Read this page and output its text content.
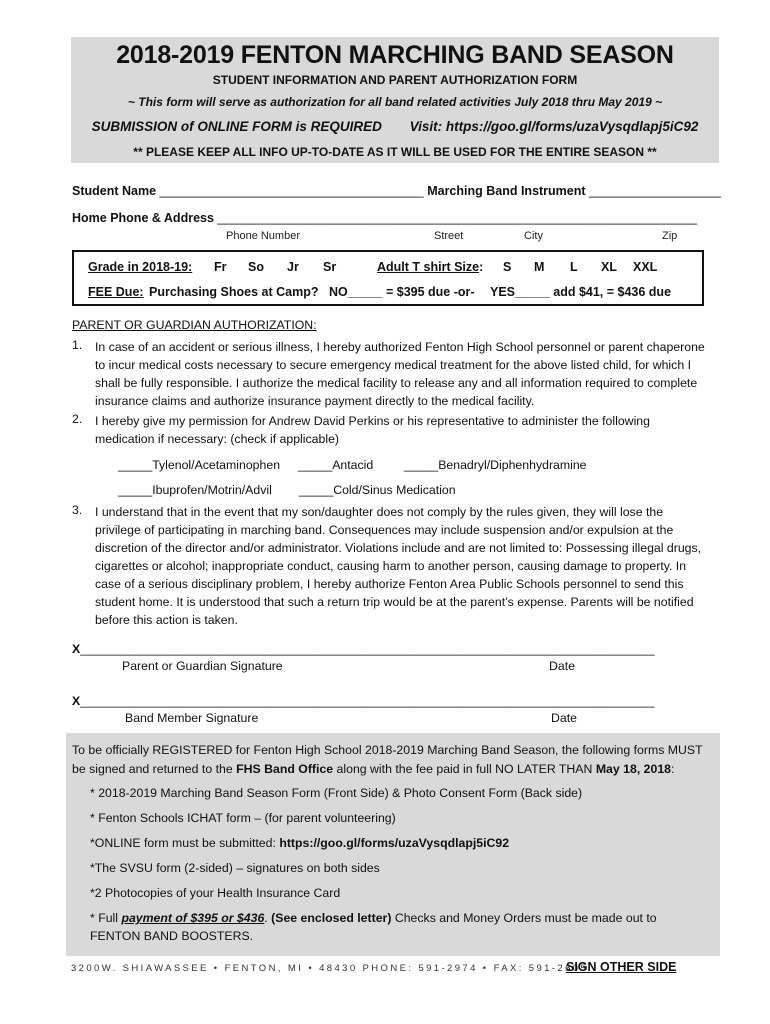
2018-2019 FENTON MARCHING BAND SEASON
STUDENT INFORMATION AND PARENT AUTHORIZATION FORM
~ This form will serve as authorization for all band related activities July 2018 thru May 2019 ~
SUBMISSION of ONLINE FORM is REQUIRED Visit: https://goo.gl/forms/uzaVysqdlapj5iC92
** PLEASE KEEP ALL INFO UP-TO-DATE AS IT WILL BE USED FOR THE ENTIRE SEASON **
Student Name ______________________________________ Marching Band Instrument ___________________
Home Phone & Address _____________________________________________________________________
Phone Number	Street	City	Zip
Grade in 2018-19: Fr So Jr Sr	Adult T shirt Size: S M L XL XXL
FEE Due: Purchasing Shoes at Camp? NO_____ = $395 due -or- YES_____ add $41, = $436 due
PARENT OR GUARDIAN AUTHORIZATION:
1. In case of an accident or serious illness, I hereby authorized Fenton High School personnel or parent chaperone to incur medical costs necessary to secure emergency medical treatment for the above listed child, for which I shall be fully responsible. I authorize the medical facility to release any and all information required to complete insurance claims and authorize insurance payment directly to the medical facility.
2. I hereby give my permission for Andrew David Perkins or his representative to administer the following medication if necessary: (check if applicable)
_____Tylenol/Acetaminophen _____Antacid	_____Benadryl/Diphenhydramine
_____Ibuprofen/Motrin/Advil _____Cold/Sinus Medication
3. I understand that in the event that my son/daughter does not comply by the rules given, they will lose the privilege of participating in marching band. Consequences may include suspension and/or expulsion at the discretion of the director and/or administrator. Violations include and are not limited to: Possessing illegal drugs, cigarettes or alcohol; inappropriate conduct, causing harm to another person, causing damage to property. In case of a serious disciplinary problem, I hereby authorize Fenton Area Public Schools personnel to send this student home. It is understood that such a return trip would be at the parent’s expense. Parents will be notified before this action is taken.
X____________________________________________________________________________________
Parent or Guardian Signature	Date
X____________________________________________________________________________________
Band Member Signature	Date
To be officially REGISTERED for Fenton High School 2018-2019 Marching Band Season, the following forms MUST
be signed and returned to the FHS Band Office along with the fee paid in full NO LATER THAN May 18, 2018:
* 2018-2019 Marching Band Season Form (Front Side) & Photo Consent Form (Back side)
* Fenton Schools ICHAT form – (for parent volunteering)
*ONLINE form must be submitted: https://goo.gl/forms/uzaVysqdlapj5iC92
*The SVSU form (2-sided) – signatures on both sides
*2 Photocopies of your Health Insurance Card
* Full payment of $395 or $436. (See enclosed letter) Checks and Money Orders must be made out to
FENTON BAND BOOSTERS.
3200W. SHIAWASSEE • FENTON, MI • 48430 PHONE: 591-2974 • FAX: 591-2605
SIGN OTHER SIDE
